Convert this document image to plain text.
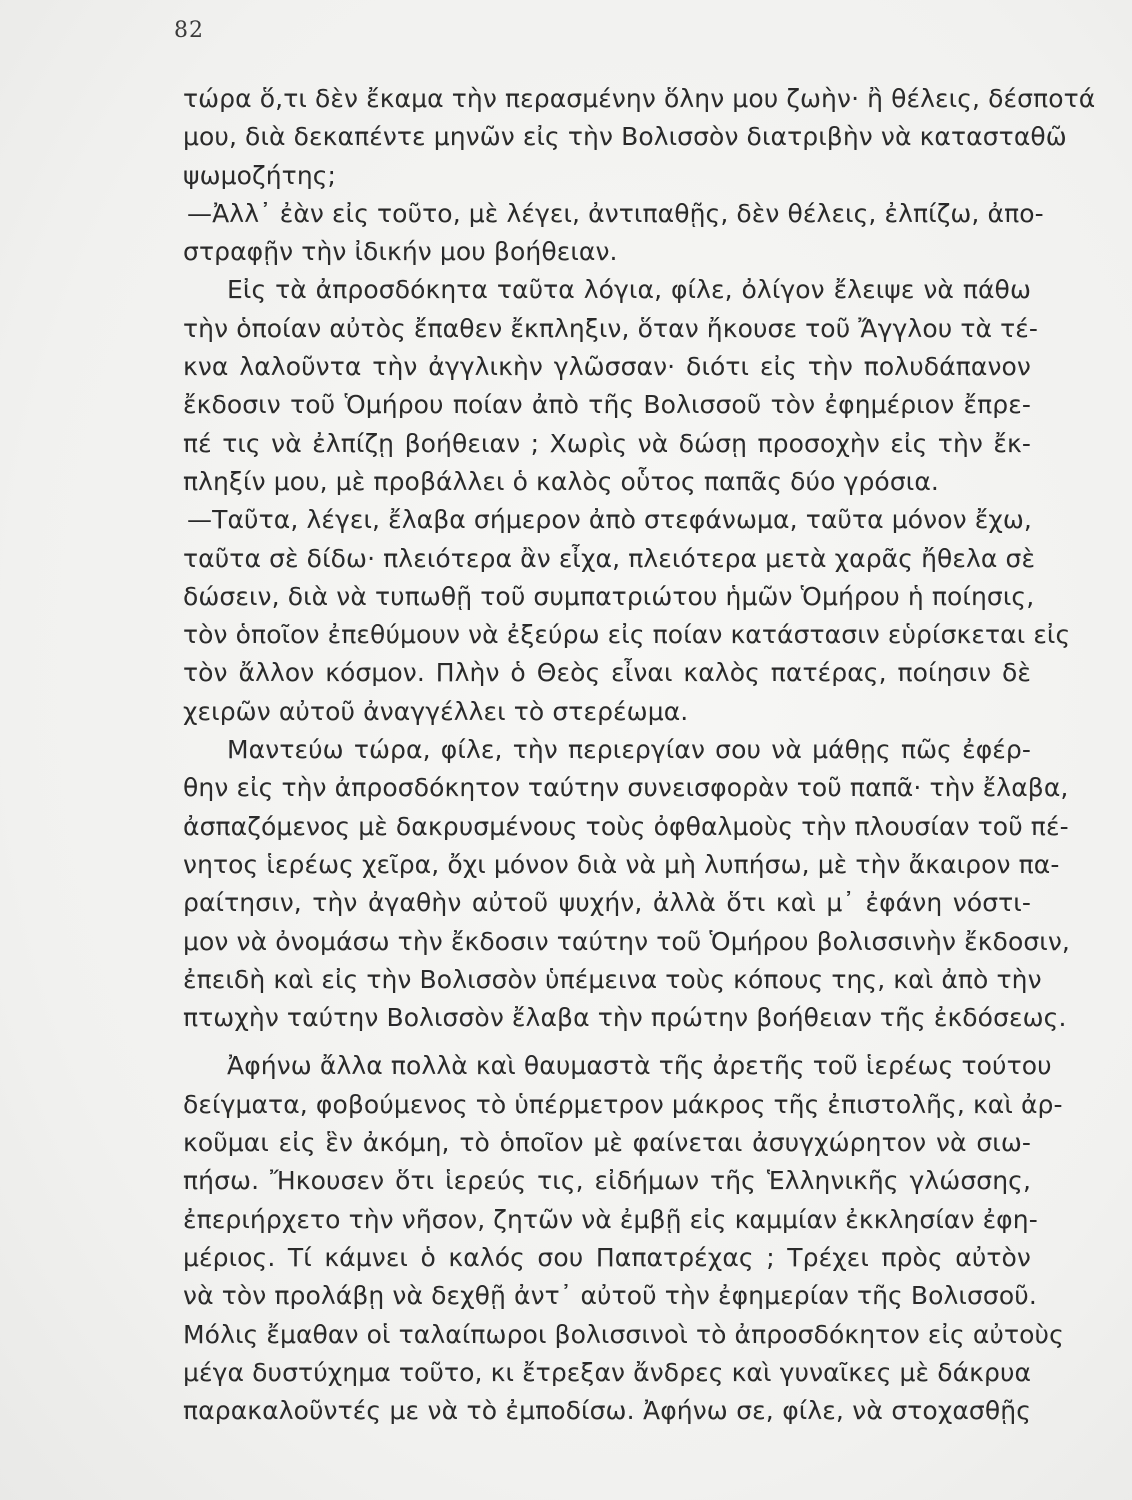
82
τώρα ὅ,τι δὲν ἔκαμα τὴν περασμένην ὅλην μου ζωὴν· ἢ θέλεις, δέσποτά
μου, διὰ δεκαπέντε μηνῶν εἰς τὴν Βολισσὸν διατριβὴν νὰ κατασταθῶ
ψωμοζήτης;
—Ἀλλ᾽ ἐὰν εἰς τοῦτο, μὲ λέγει, ἀντιπαθῇς, δὲν θέλεις, ἐλπίζω, ἀπο-
στραφῇν τὴν ἰδικήν μου βοήθειαν.
Εἰς τὰ ἀπροσδόκητα ταῦτα λόγια, φίλε, ὀλίγον ἔλειψε νὰ πάθω
τὴν ὁποίαν αὐτὸς ἔπαθεν ἔκπληξιν, ὅταν ἤκουσε τοῦ Ἄγγλου τὰ τέ-
κνα λαλοῦντα τὴν ἀγγλικὴν γλῶσσαν· διότι εἰς τὴν πολυδάπανον
ἔκδοσιν τοῦ Ὁμήρου ποίαν ἀπὸ τῆς Βολισσοῦ τὸν ἐφημέριον ἔπρε-
πέ τις νὰ ἐλπίζῃ βοήθειαν ; Χωρὶς νὰ δώσῃ προσοχὴν εἰς τὴν ἔκ-
πληξίν μου, μὲ προβάλλει ὁ καλὸς οὗτος παπᾶς δύο γρόσια.
—Ταῦτα, λέγει, ἔλαβα σήμερον ἀπὸ στεφάνωμα, ταῦτα μόνον ἔχω,
ταῦτα σὲ δίδω· πλειότερα ἂν εἶχα, πλειότερα μετὰ χαρᾶς ἤθελα σὲ
δώσειν, διὰ νὰ τυπωθῇ τοῦ συμπατριώτου ἡμῶν Ὁμήρου ἡ ποίησις,
τὸν ὁποῖον ἐπεθύμουν νὰ ἐξεύρω εἰς ποίαν κατάστασιν εὑρίσκεται εἰς
τὸν ἄλλον κόσμον. Πλὴν ὁ Θεὸς εἶναι καλὸς πατέρας, ποίησιν δὲ
χειρῶν αὐτοῦ ἀναγγέλλει τὸ στερέωμα.
Μαντεύω τώρα, φίλε, τὴν περιεργίαν σου νὰ μάθῃς πῶς ἐφέρ-
θην εἰς τὴν ἀπροσδόκητον ταύτην συνεισφορὰν τοῦ παπᾶ· τὴν ἔλαβα,
ἀσπαζόμενος μὲ δακρυσμένους τοὺς ὀφθαλμοὺς τὴν πλουσίαν τοῦ πέ-
νητος ἱερέως χεῖρα, ὄχι μόνον διὰ νὰ μὴ λυπήσω, μὲ τὴν ἄκαιρον πα-
ραίτησιν, τὴν ἀγαθὴν αὐτοῦ ψυχήν, ἀλλὰ ὅτι καὶ μ᾽ ἐφάνη νόστι-
μον νὰ ὀνομάσω τὴν ἔκδοσιν ταύτην τοῦ Ὁμήρου βολισσινὴν ἔκδοσιν,
ἐπειδὴ καὶ εἰς τὴν Βολισσὸν ὑπέμεινα τοὺς κόπους της, καὶ ἀπὸ τὴν
πτωχὴν ταύτην Βολισσὸν ἔλαβα τὴν πρώτην βοήθειαν τῆς ἐκδόσεως.
Ἀφήνω ἄλλα πολλὰ καὶ θαυμαστὰ τῆς ἀρετῆς τοῦ ἱερέως τούτου
δείγματα, φοβούμενος τὸ ὑπέρμετρον μάκρος τῆς ἐπιστολῆς, καὶ ἀρ-
κοῦμαι εἰς ἓν ἀκόμη, τὸ ὁποῖον μὲ φαίνεται ἀσυγχώρητον νὰ σιω-
πήσω. Ἤκουσεν ὅτι ἱερεύς τις, εἰδήμων τῆς Ἑλληνικῆς γλώσσης,
ἐπεριήρχετο τὴν νῆσον, ζητῶν νὰ ἐμβῇ εἰς καμμίαν ἐκκλησίαν ἐφη-
μέριος. Τί κάμνει ὁ καλός σου Παπατρέχας ; Τρέχει πρὸς αὐτὸν
νὰ τὸν προλάβῃ νὰ δεχθῇ ἀντ᾽ αὐτοῦ τὴν ἐφημερίαν τῆς Βολισσοῦ.
Μόλις ἔμαθαν οἱ ταλαίπωροι βολισσινοὶ τὸ ἀπροσδόκητον εἰς αὐτοὺς
μέγα δυστύχημα τοῦτο, κι ἔτρεξαν ἄνδρες καὶ γυναῖκες μὲ δάκρυα
παρακαλοῦντές με νὰ τὸ ἐμποδίσω. Ἀφήνω σε, φίλε, νὰ στοχασθῇς
